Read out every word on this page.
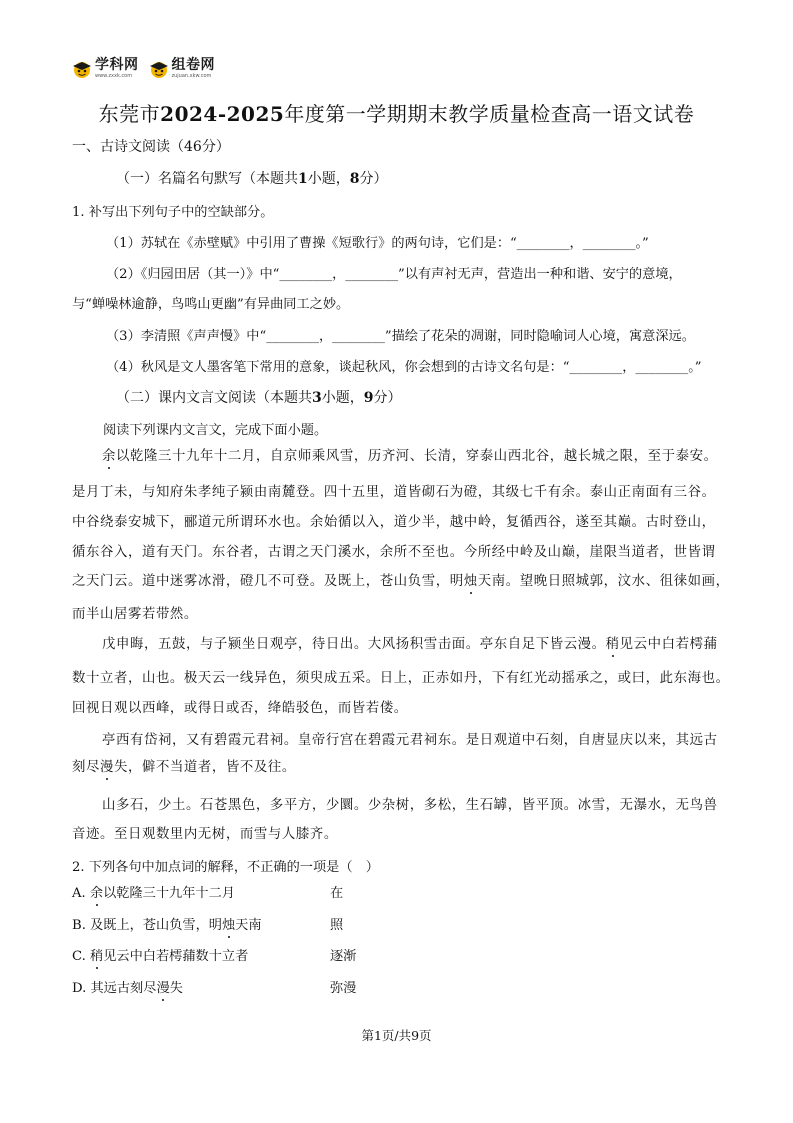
学科网
www.zxxk.com
组卷网
zujuan.xkw.com
东莞市2024-2025年度第一学期期末教学质量检查高一语文试卷
一、古诗文阅读（46分）
（一）名篇名句默写（本题共1小题，8分）
1. 补写出下列句子中的空缺部分。
（1）苏轼在《赤壁赋》中引用了曹操《短歌行》的两句诗，它们是：“________，________。”
（2）《归园田居（其一）》中“________，________”以有声衬无声，营造出一种和谐、安宁的意境，
与“蝉噪林逾静，鸟鸣山更幽”有异曲同工之妙。
（3）李清照《声声慢》中“________，________”描绘了花朵的凋谢，同时隐喻词人心境，寓意深远。
（4）秋风是文人墨客笔下常用的意象，谈起秋风，你会想到的古诗文名句是：“________，________。”
（二）课内文言文阅读（本题共3小题，9分）
阅读下列课内文言文，完成下面小题。
余以乾隆三十九年十二月，自京师乘风雪，历齐河、长清，穿泰山西北谷，越长城之限，至于泰安。
是月丁未，与知府朱孝纯子颍由南麓登。四十五里，道皆砌石为磴，其级七千有余。泰山正南面有三谷。
中谷绕泰安城下，郦道元所谓环水也。余始循以入，道少半，越中岭，复循西谷，遂至其巅。古时登山，
循东谷入，道有天门。东谷者，古谓之天门溪水，余所不至也。今所经中岭及山巅，崖限当道者，世皆谓
之天门云。道中迷雾冰滑，磴几不可登。及既上，苍山负雪，明烛天南。望晚日照城郭，汶水、徂徕如画，
而半山居雾若带然。
戊申晦，五鼓，与子颍坐日观亭，待日出。大风扬积雪击面。亭东自足下皆云漫。稍见云中白若樗蒱
数十立者，山也。极天云一线异色，须臾成五采。日上，正赤如丹，下有红光动摇承之，或曰，此东海也。
回视日观以西峰，或得日或否，绛皓驳色，而皆若偻。
亭西有岱祠，又有碧霞元君祠。皇帝行宫在碧霞元君祠东。是日观道中石刻，自唐显庆以来，其远古
刻尽漫失，僻不当道者，皆不及往。
山多石，少土。石苍黑色，多平方，少圜。少杂树，多松，生石罅，皆平顶。冰雪，无瀑水，无鸟兽
音迹。至日观数里内无树，而雪与人膝齐。
2. 下列各句中加点词的解释，不正确的一项是（　）
A. 余以乾隆三十九年十二月	在
B. 及既上，苍山负雪，明烛天南	照
C. 稍见云中白若樗蒱数十立者	逐渐
D. 其远古刻尽漫失	弥漫
第1页/共9页
